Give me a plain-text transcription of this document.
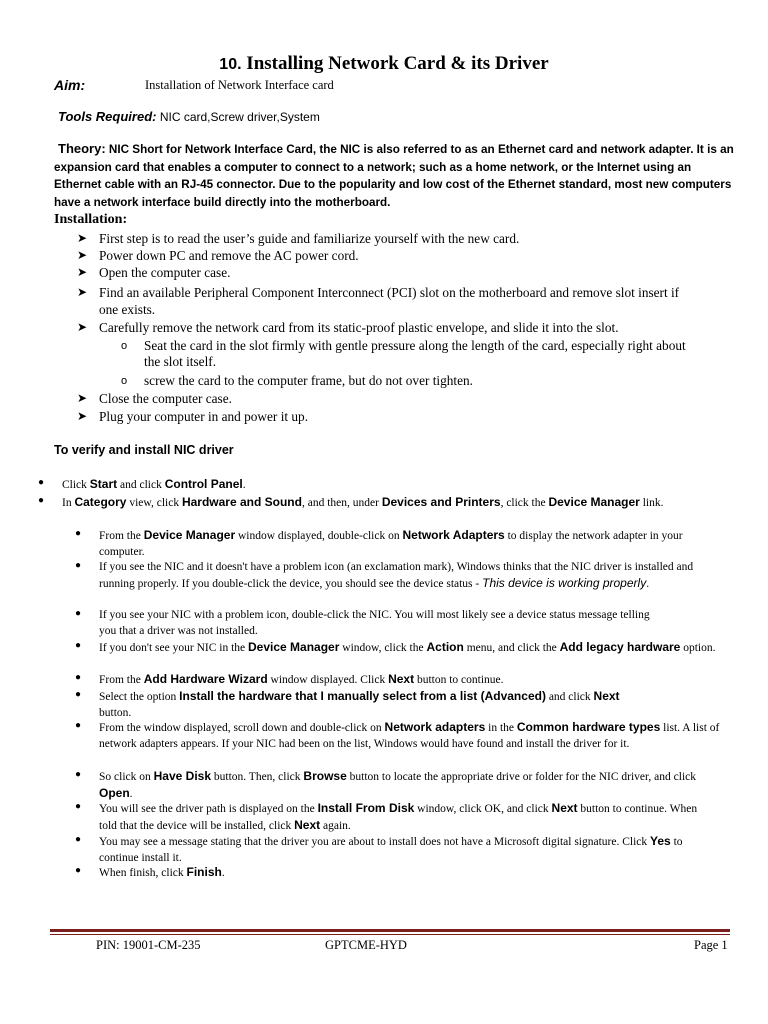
10. Installing Network Card & its Driver
Aim:	Installation of Network Interface card
Tools Required: NIC card,Screw driver,System
Theory: NIC Short for Network Interface Card, the NIC is also referred to as an Ethernet card and network adapter. It is an expansion card that enables a computer to connect to a network; such as a home network, or the Internet using an Ethernet cable with an RJ-45 connector. Due to the popularity and low cost of the Ethernet standard, most new computers have a network interface build directly into the motherboard.
Installation:
➤ First step is to read the user’s guide and familiarize yourself with the new card.
➤ Power down PC and remove the AC power cord.
➤ Open the computer case.
➤ Find an available Peripheral Component Interconnect (PCI) slot on the motherboard and remove slot insert if one exists.
➤ Carefully remove the network card from its static-proof plastic envelope, and slide it into the slot.
o Seat the card in the slot firmly with gentle pressure along the length of the card, especially right about the slot itself.
o screw the card to the computer frame, but do not over tighten.
➤ Close the computer case.
➤ Plug your computer in and power it up.
To verify and install NIC driver
● Click Start and click Control Panel.
● In Category view, click Hardware and Sound, and then, under Devices and Printers, click the Device Manager link.
● From the Device Manager window displayed, double-click on Network Adapters to display the network adapter in your computer.
● If you see the NIC and it doesn't have a problem icon (an exclamation mark), Windows thinks that the NIC driver is installed and running properly. If you double-click the device, you should see the device status - This device is working properly.
● If you see your NIC with a problem icon, double-click the NIC. You will most likely see a device status message telling you that a driver was not installed.
● If you don't see your NIC in the Device Manager window, click the Action menu, and click the Add legacy hardware option.
● From the Add Hardware Wizard window displayed. Click Next button to continue.
● Select the option Install the hardware that I manually select from a list (Advanced) and click Next button.
● From the window displayed, scroll down and double-click on Network adapters in the Common hardware types list. A list of network adapters appears. If your NIC had been on the list, Windows would have found and install the driver for it.
● So click on Have Disk button. Then, click Browse button to locate the appropriate drive or folder for the NIC driver, and click Open.
● You will see the driver path is displayed on the Install From Disk window, click OK, and click Next button to continue. When told that the device will be installed, click Next again.
● You may see a message stating that the driver you are about to install does not have a Microsoft digital signature. Click Yes to continue install it.
● When finish, click Finish.
PIN: 19001-CM-235	GPTCME-HYD	Page 1
